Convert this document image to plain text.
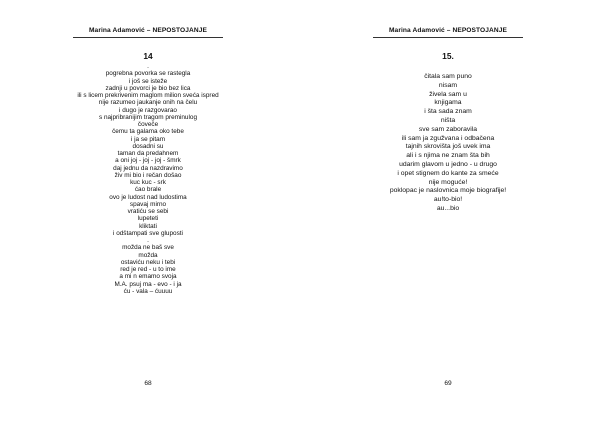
Marina Adamović – NEPOSTOJANJE
14
.
pogrebna povorka se rastegla
i još se isteže
zadnji u povorci je bio bez lica
ili s licem prekrivenim maglom milion sveća ispred
nije razumeo jaukanje onih na čelu
i dugo je razgovarao
s najpribranijim tragom preminulog
čoveče
čemu ta galama oko tebe
i ja se pitam
dosadni su
taman da predahnem
a oni joj - joj - joj - šmrk
daj jednu da nazdravimo
živ mi bio i rečan došao
kuc kuc - srk
ćao brale
ovo je ludost nad ludostima
spavaj mirno
vratiću se sebi
lupeteti
kliktati
i odštampati sve gluposti
.
možda ne baš sve
možda
ostaviću neku i tebi
red je red - u to ime
a mi n emamo svoja
M.A. psuj ma - evo - i ja
ću - vala – ćuuuu
68
Marina Adamović – NEPOSTOJANJE
15.
čitala sam puno
nisam
živela sam u
knjigama
i šta sada znam
ništa
sve sam zaboravila
ili sam ja zgužvana i odbačena
tajnih skrovišta još uvek ima
ali i s njima ne znam šta bih
udarim glavom u jedno - u drugo
i opet stignem do kante za smeće
nije moguće!
poklopac je naslovnica moje biografije!
au!to-bio!
au...bio
69
